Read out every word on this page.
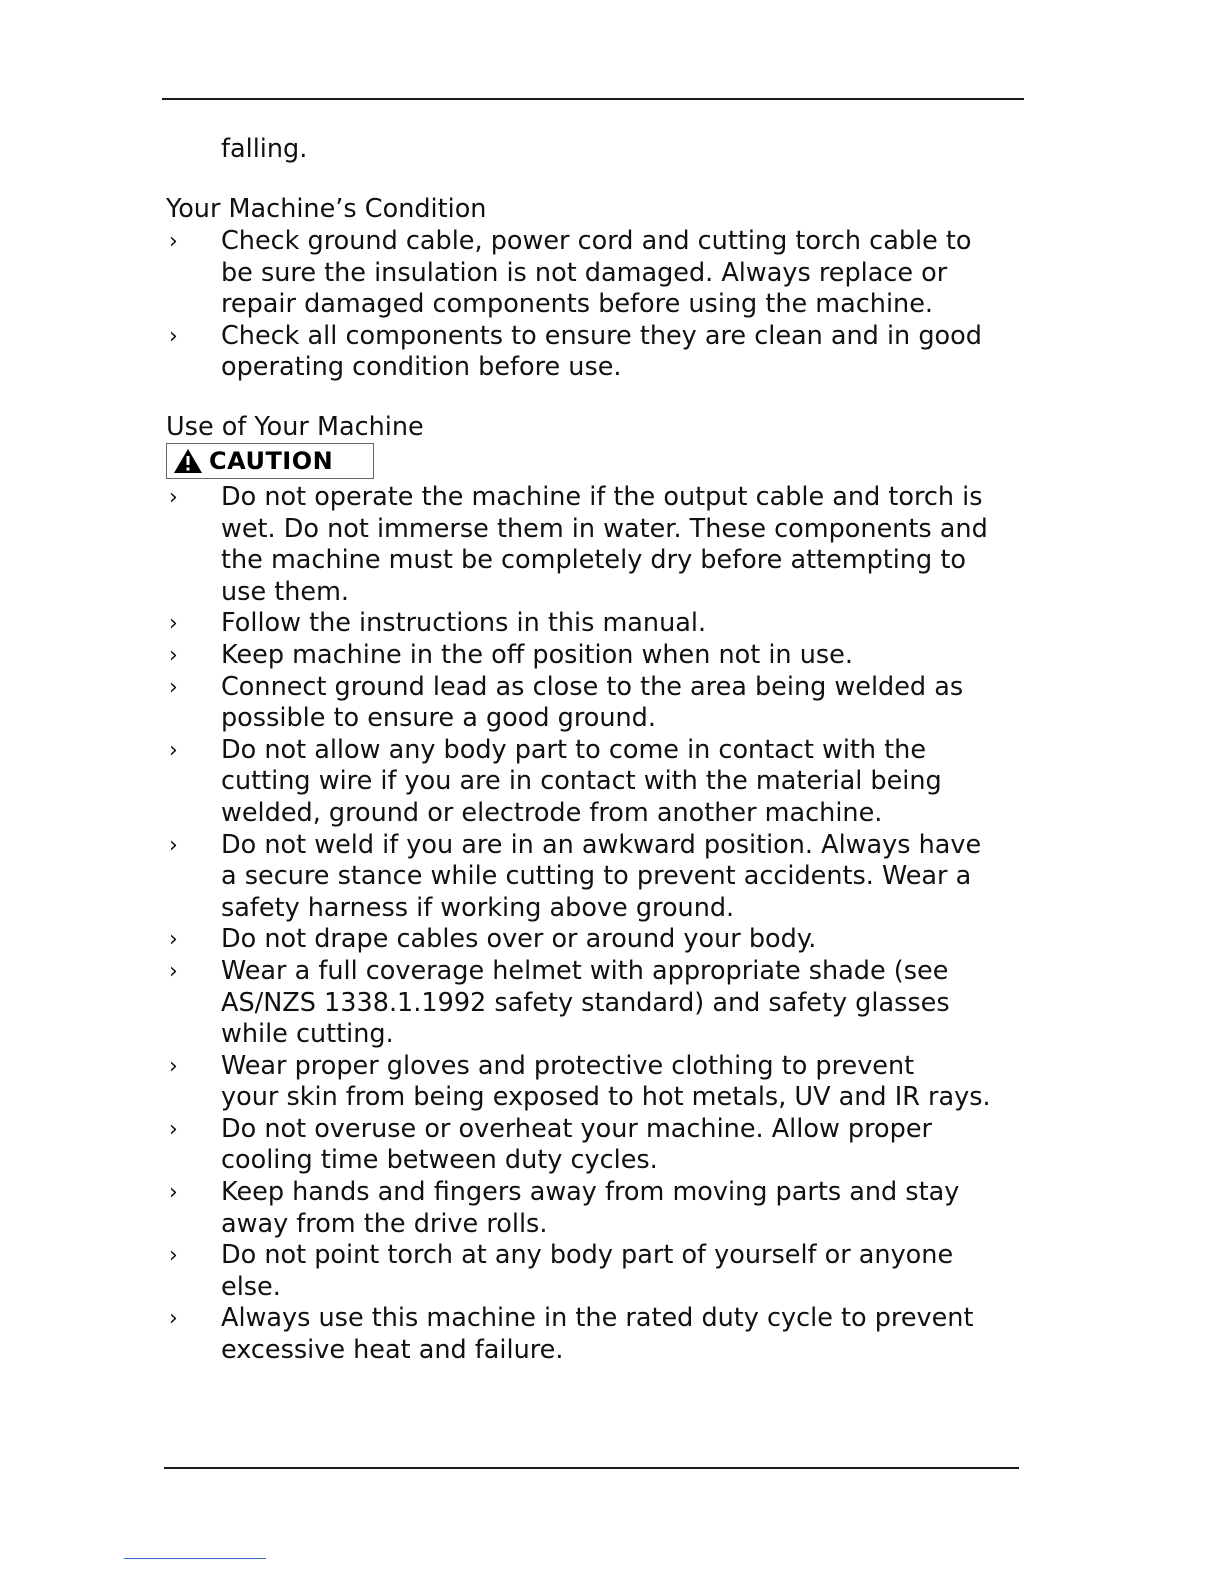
falling.
Your Machine’s Condition
› Check ground cable, power cord and cutting torch cable to
be sure the insulation is not damaged. Always replace or
repair damaged components before using the machine.
› Check all components to ensure they are clean and in good
operating condition before use.
Use of Your Machine
CAUTION
› Do not operate the machine if the output cable and torch is
wet. Do not immerse them in water. These components and
the machine must be completely dry before attempting to
use them.
› Follow the instructions in this manual.
› Keep machine in the off position when not in use.
› Connect ground lead as close to the area being welded as
possible to ensure a good ground.
› Do not allow any body part to come in contact with the
cutting wire if you are in contact with the material being
welded, ground or electrode from another machine.
› Do not weld if you are in an awkward position. Always have
a secure stance while cutting to prevent accidents. Wear a
safety harness if working above ground.
› Do not drape cables over or around your body.
› Wear a full coverage helmet with appropriate shade (see
AS/NZS 1338.1.1992 safety standard) and safety glasses
while cutting.
› Wear proper gloves and protective clothing to prevent
your skin from being exposed to hot metals, UV and IR rays.
› Do not overuse or overheat your machine. Allow proper
cooling time between duty cycles.
› Keep hands and fingers away from moving parts and stay
away from the drive rolls.
› Do not point torch at any body part of yourself or anyone
else.
› Always use this machine in the rated duty cycle to prevent
excessive heat and failure.
